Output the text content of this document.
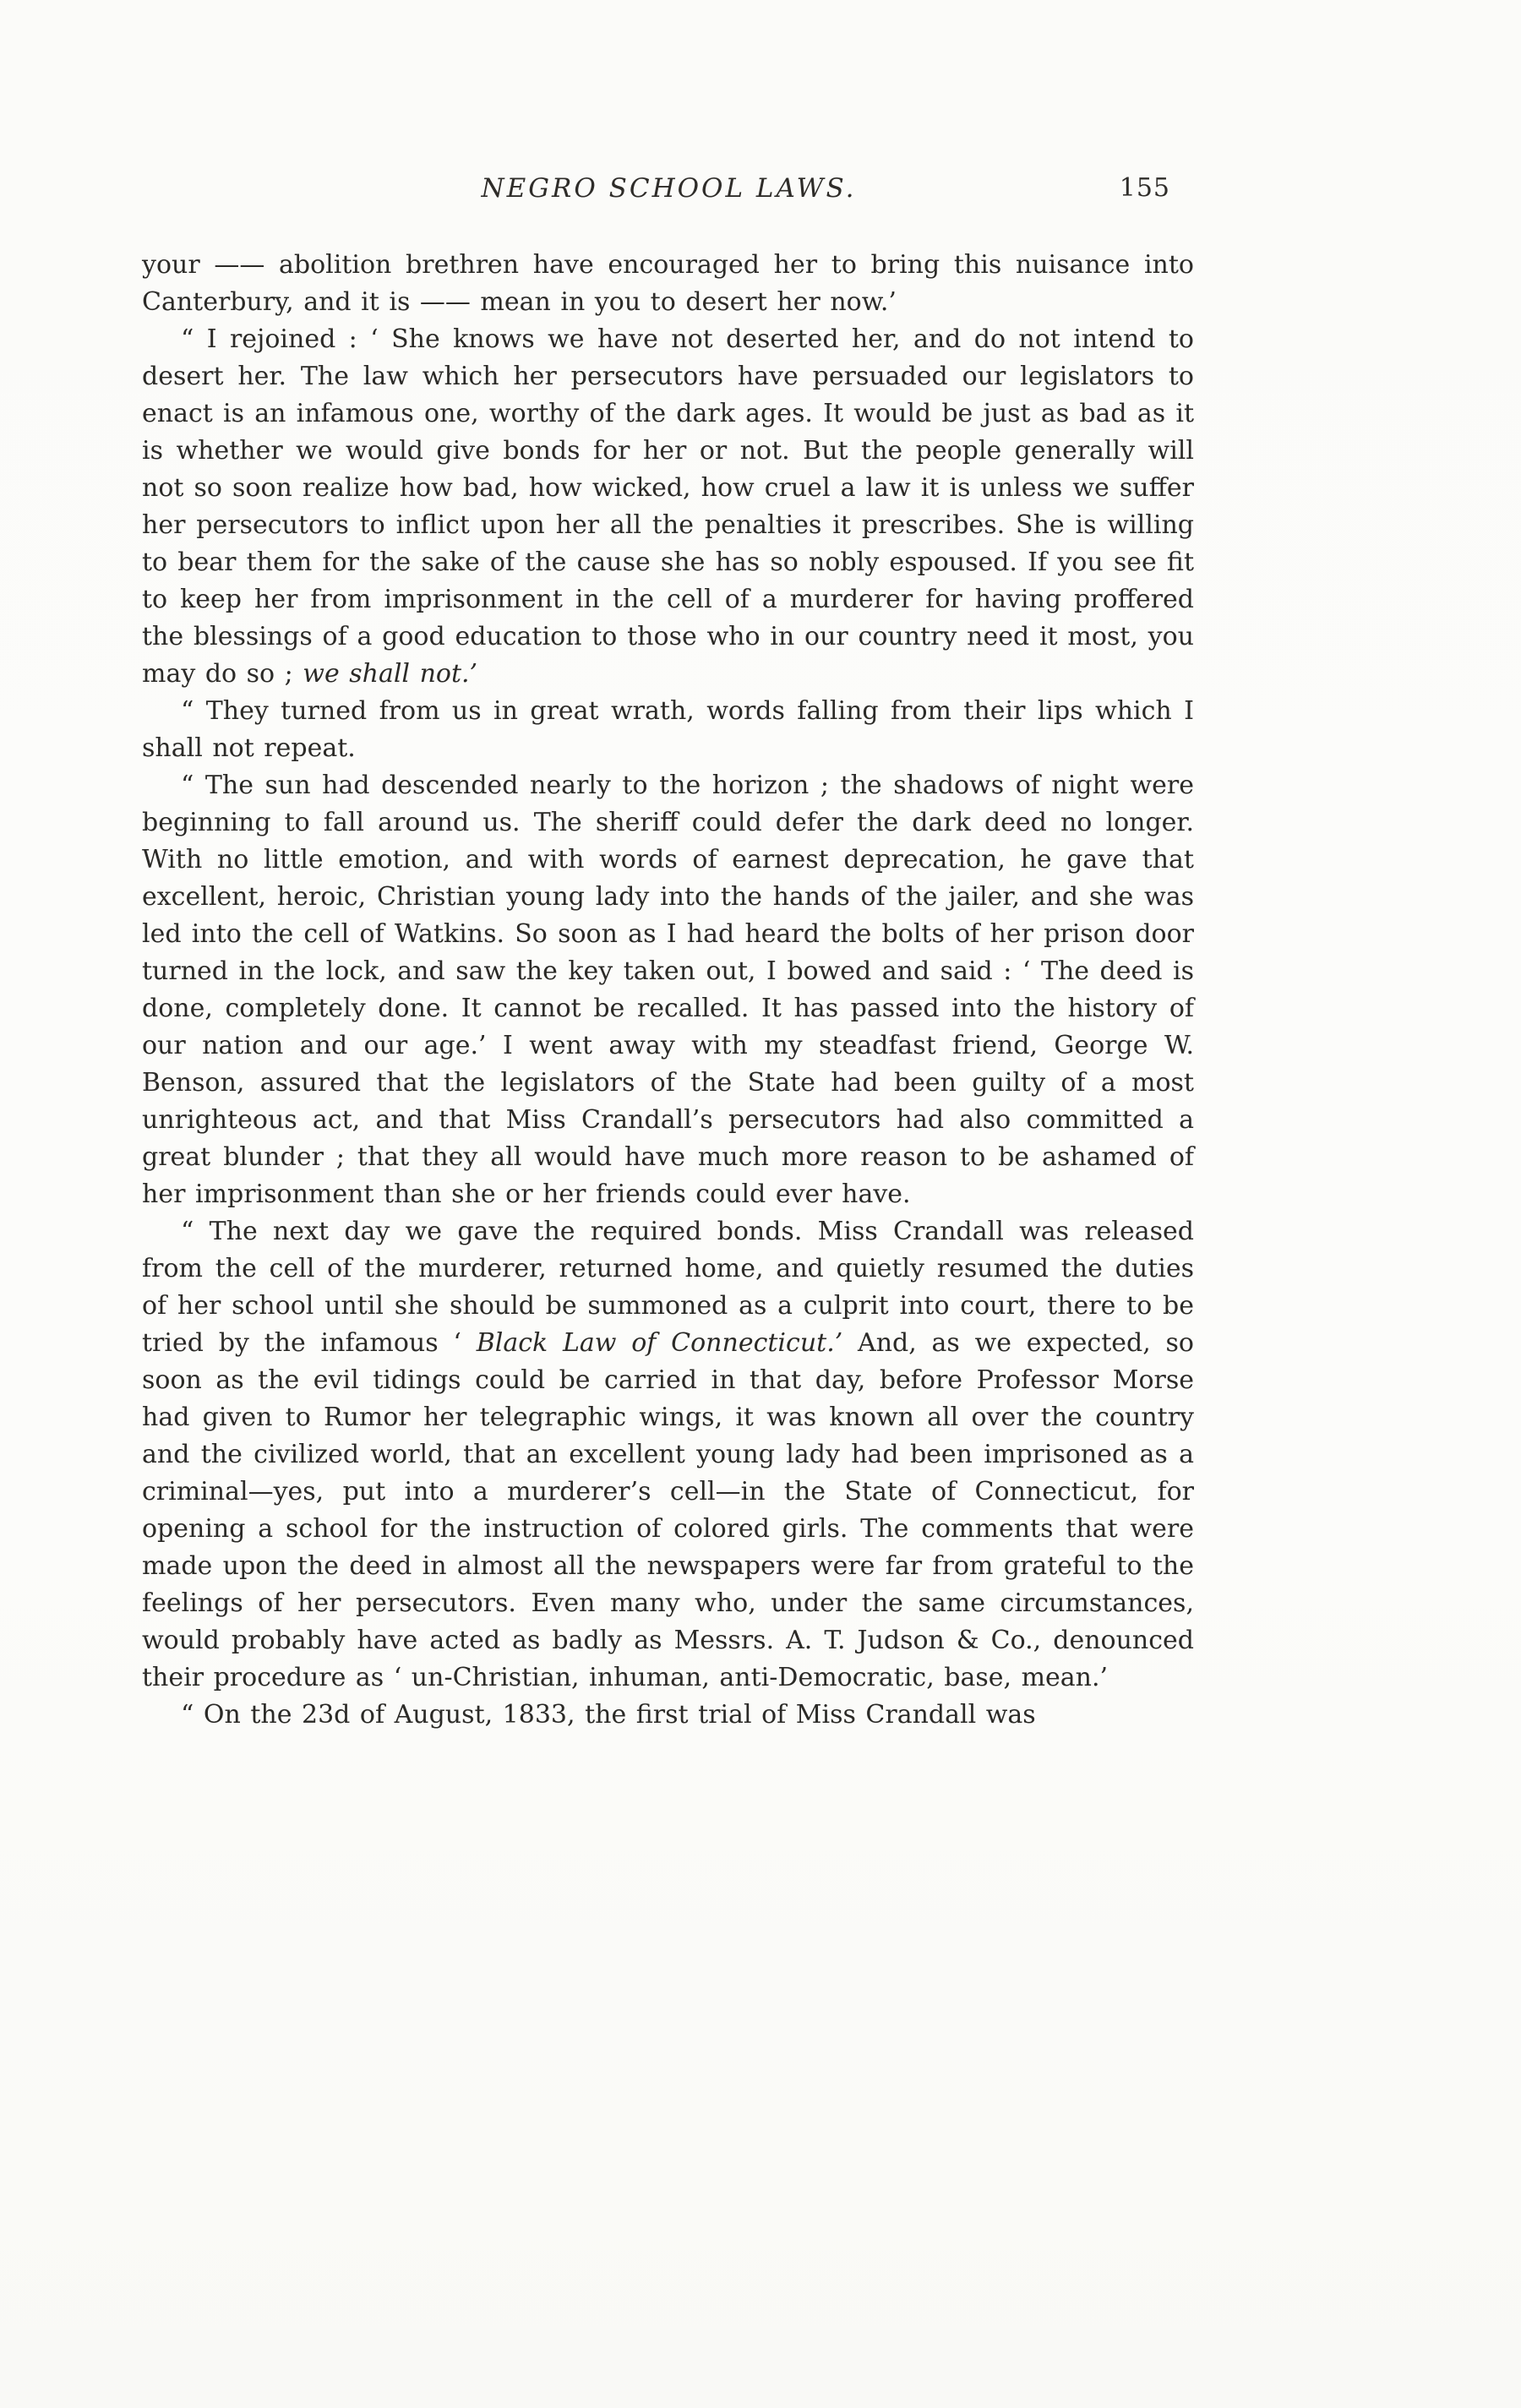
NEGRO SCHOOL LAWS.	155

your —— abolition brethren have encouraged her to bring this nuisance into Canterbury, and it is —— mean in you to desert her now.’

“ I rejoined : ‘ She knows we have not deserted her, and do not intend to desert her. The law which her persecutors have persuaded our legislators to enact is an infamous one, worthy of the dark ages. It would be just as bad as it is whether we would give bonds for her or not. But the people generally will not so soon realize how bad, how wicked, how cruel a law it is unless we suffer her persecutors to inflict upon her all the penalties it prescribes. She is willing to bear them for the sake of the cause she has so nobly espoused. If you see fit to keep her from imprisonment in the cell of a murderer for having proffered the blessings of a good education to those who in our country need it most, you may do so ; we shall not.’

“ They turned from us in great wrath, words falling from their lips which I shall not repeat.

“ The sun had descended nearly to the horizon ; the shadows of night were beginning to fall around us. The sheriff could defer the dark deed no longer. With no little emotion, and with words of earnest deprecation, he gave that excellent, heroic, Christian young lady into the hands of the jailer, and she was led into the cell of Watkins. So soon as I had heard the bolts of her prison door turned in the lock, and saw the key taken out, I bowed and said : ‘ The deed is done, completely done. It cannot be recalled. It has passed into the history of our nation and our age.’ I went away with my steadfast friend, George W. Benson, assured that the legislators of the State had been guilty of a most unrighteous act, and that Miss Crandall’s persecutors had also committed a great blunder ; that they all would have much more reason to be ashamed of her imprisonment than she or her friends could ever have.

“ The next day we gave the required bonds. Miss Crandall was released from the cell of the murderer, returned home, and quietly resumed the duties of her school until she should be summoned as a culprit into court, there to be tried by the infamous ‘ Black Law of Connecticut.’ And, as we expected, so soon as the evil tidings could be carried in that day, before Professor Morse had given to Rumor her telegraphic wings, it was known all over the country and the civilized world, that an excellent young lady had been imprisoned as a criminal—yes, put into a murderer’s cell—in the State of Connecticut, for opening a school for the instruction of colored girls. The comments that were made upon the deed in almost all the newspapers were far from grateful to the feelings of her persecutors. Even many who, under the same circumstances, would probably have acted as badly as Messrs. A. T. Judson & Co., denounced their procedure as ‘ un-Christian, inhuman, anti-Democratic, base, mean.’

“ On the 23d of August, 1833, the first trial of Miss Crandall was
